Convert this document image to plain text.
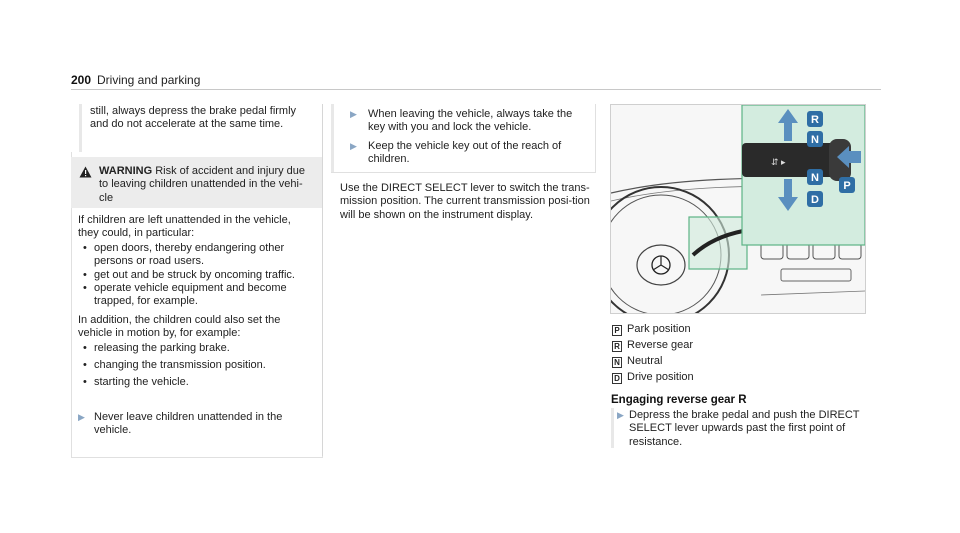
200 Driving and parking
still, always depress the brake pedal firmly and do not accelerate at the same time.
WARNING Risk of accident and injury due to leaving children unattended in the vehi-cle
If children are left unattended in the vehicle, they could, in particular:
• open doors, thereby endangering other persons or road users.
• get out and be struck by oncoming traffic.
• operate vehicle equipment and become trapped, for example.
In addition, the children could also set the vehicle in motion by, for example:
• releasing the parking brake.
• changing the transmission position.
• starting the vehicle.
▶ Never leave children unattended in the vehicle.
▶	When leaving the vehicle, always take the key with you and lock the vehicle.
▶	Keep the vehicle key out of the reach of children.
Use the DIRECT SELECT lever to switch the trans-mission position. The current transmission posi-tion will be shown on the instrument display.
⇵ ▸
R
N
N
D
P
P Park position
R Reverse gear
N Neutral
D Drive position
Engaging reverse gear R
▶ Depress the brake pedal and push the DIRECT SELECT lever upwards past the first point of resistance.
